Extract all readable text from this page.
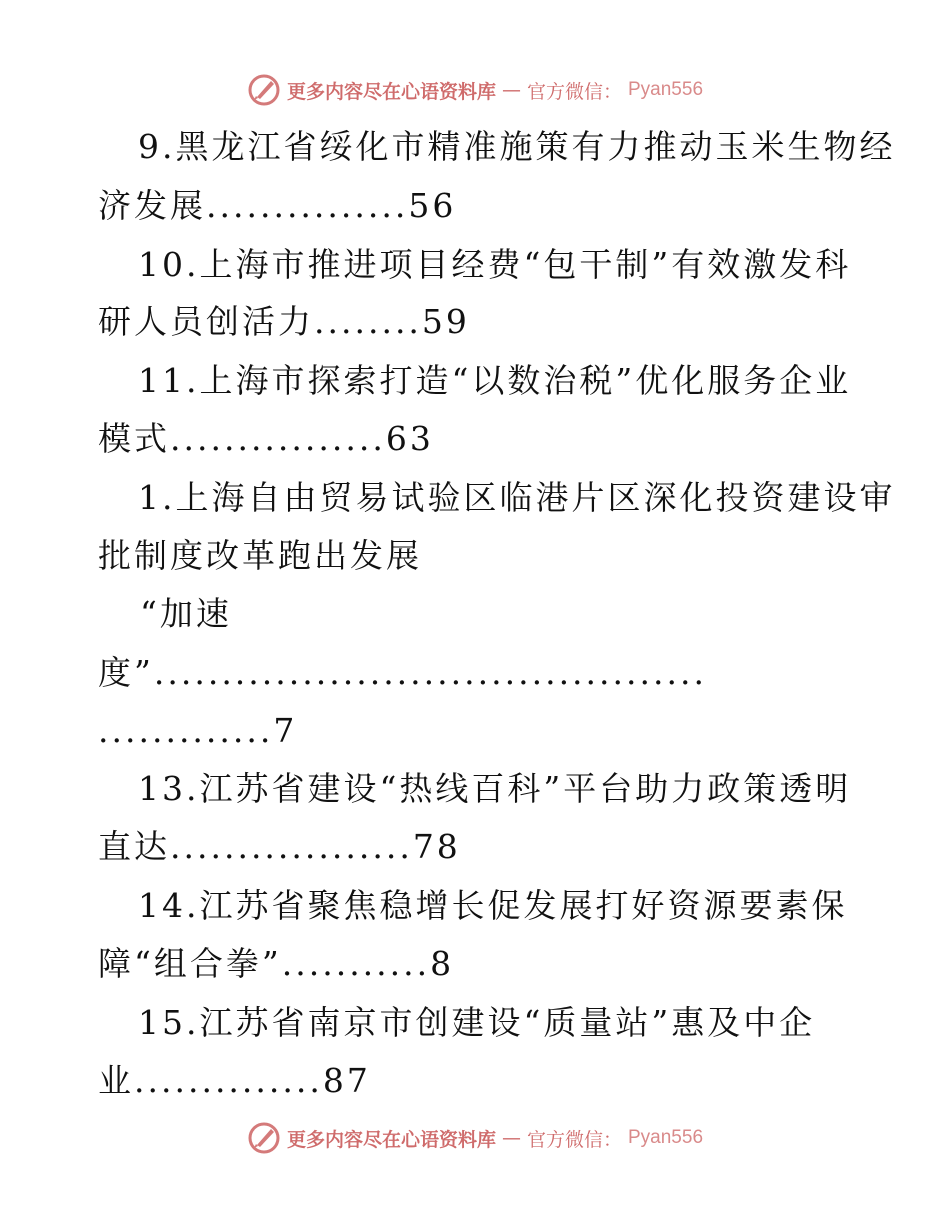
更多内容尽在心语资料库 — 官方微信： Pyan556
9.黑龙江省绥化市精准施策有力推动玉米生物经
济发展...............56
10.上海市推进项目经费“包干制”有效激发科
研人员创活力........59
11.上海市探索打造“以数治税”优化服务企业
模式................63
1.上海自由贸易试验区临港片区深化投资建设审
批制度改革跑出发展
“加速
度”.........................................
.............7
13.江苏省建设“热线百科”平台助力政策透明
直达..................78
14.江苏省聚焦稳增长促发展打好资源要素保
障“组合拳”...........8
15.江苏省南京市创建设“质量站”惠及中企
业..............87
更多内容尽在心语资料库 — 官方微信： Pyan556
